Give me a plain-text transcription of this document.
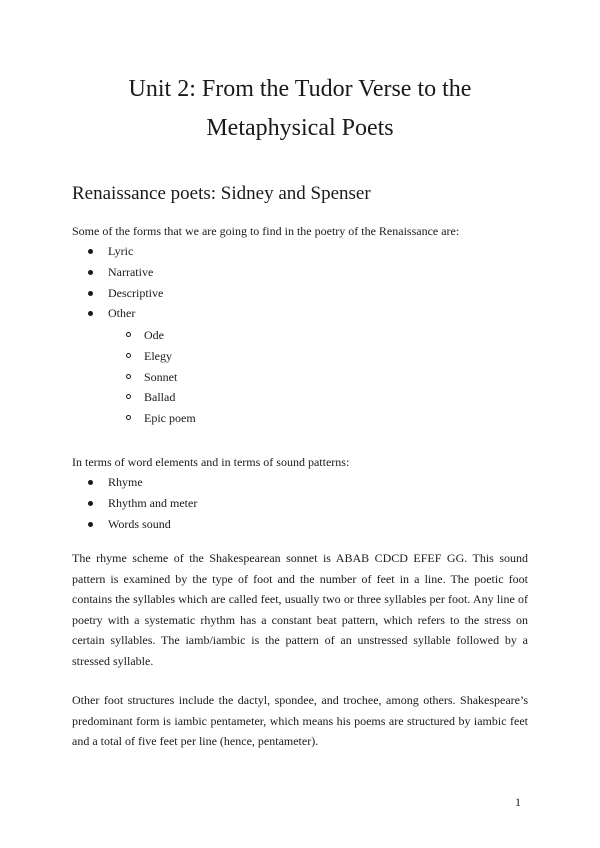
Unit 2: From the Tudor Verse to the Metaphysical Poets
Renaissance poets: Sidney and Spenser

Some of the forms that we are going to find in the poetry of the Renaissance are:

Lyric
Narrative
Descriptive
Other
Ode
Elegy
Sonnet
Ballad
Epic poem

In terms of word elements and in terms of sound patterns:

Rhyme
Rhythm and meter
Words sound

The rhyme scheme of the Shakespearean sonnet is ABAB CDCD EFEF GG. This sound pattern is examined by the type of foot and the number of feet in a line. The poetic foot contains the syllables which are called feet, usually two or three syllables per foot. Any line of poetry with a systematic rhythm has a constant beat pattern, which refers to the stress on certain syllables. The iamb/iambic is the pattern of an unstressed syllable followed by a stressed syllable.

Other foot structures include the dactyl, spondee, and trochee, among others. Shakespeare’s predominant form is iambic pentameter, which means his poems are structured by iambic feet and a total of five feet per line (hence, pentameter).

1
